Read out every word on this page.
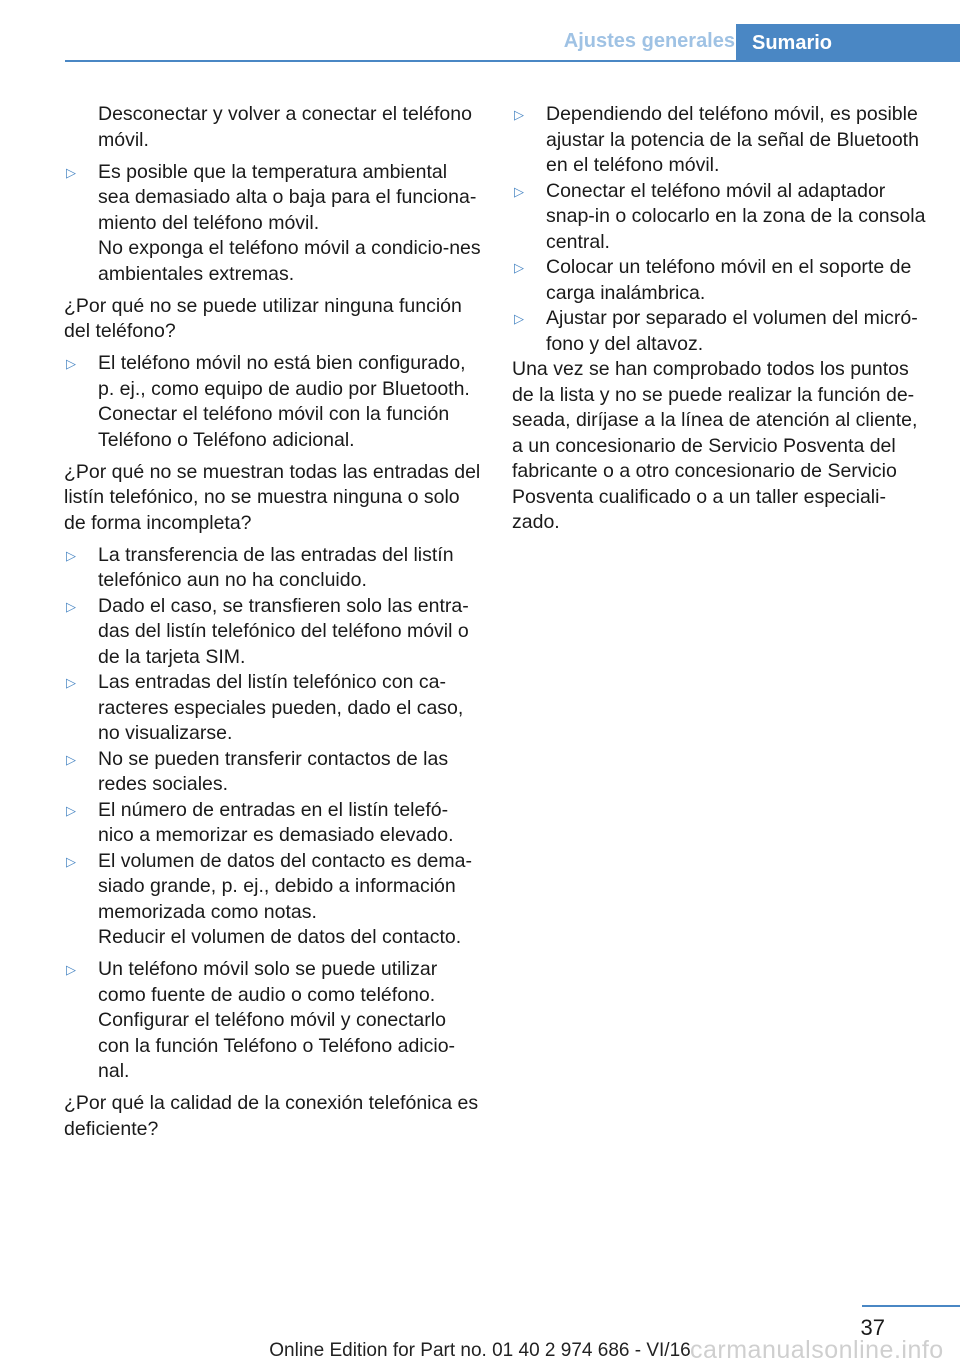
Ajustes generales Sumario

Desconectar y volver a conectar el teléfono móvil.

▷ Es posible que la temperatura ambiental sea demasiado alta o baja para el funciona‐miento del teléfono móvil.

No exponga el teléfono móvil a condicio‐nes ambientales extremas.

¿Por qué no se puede utilizar ninguna función del teléfono?

▷ El teléfono móvil no está bien configurado, p. ej., como equipo de audio por Bluetooth.

Conectar el teléfono móvil con la función Teléfono o Teléfono adicional.

¿Por qué no se muestran todas las entradas del listín telefónico, no se muestra ninguna o solo de forma incompleta?

▷ La transferencia de las entradas del listín telefónico aun no ha concluido.

▷ Dado el caso, se transfieren solo las entra‐das del listín telefónico del teléfono móvil o de la tarjeta SIM.

▷ Las entradas del listín telefónico con ca‐racteres especiales pueden, dado el caso, no visualizarse.

▷ No se pueden transferir contactos de las redes sociales.

▷ El número de entradas en el listín telefó‐nico a memorizar es demasiado elevado.

▷ El volumen de datos del contacto es dema‐siado grande, p. ej., debido a información memorizada como notas.

Reducir el volumen de datos del contacto.

▷ Un teléfono móvil solo se puede utilizar como fuente de audio o como teléfono.

Configurar el teléfono móvil y conectarlo con la función Teléfono o Teléfono adicio‐nal.

¿Por qué la calidad de la conexión telefónica es deficiente?

▷ Dependiendo del teléfono móvil, es posible ajustar la potencia de la señal de Bluetooth en el teléfono móvil.

▷ Conectar el teléfono móvil al adaptador snap-in o colocarlo en la zona de la consola central.

▷ Colocar un teléfono móvil en el soporte de carga inalámbrica.

▷ Ajustar por separado el volumen del micró‐fono y del altavoz.

Una vez se han comprobado todos los puntos de la lista y no se puede realizar la función de‐seada, diríjase a la línea de atención al cliente, a un concesionario de Servicio Posventa del fabricante o a otro concesionario de Servicio Posventa cualificado o a un taller especiali‐zado.

37
Online Edition for Part no. 01 40 2 974 686 - VI/16 carmanualsonline.info
